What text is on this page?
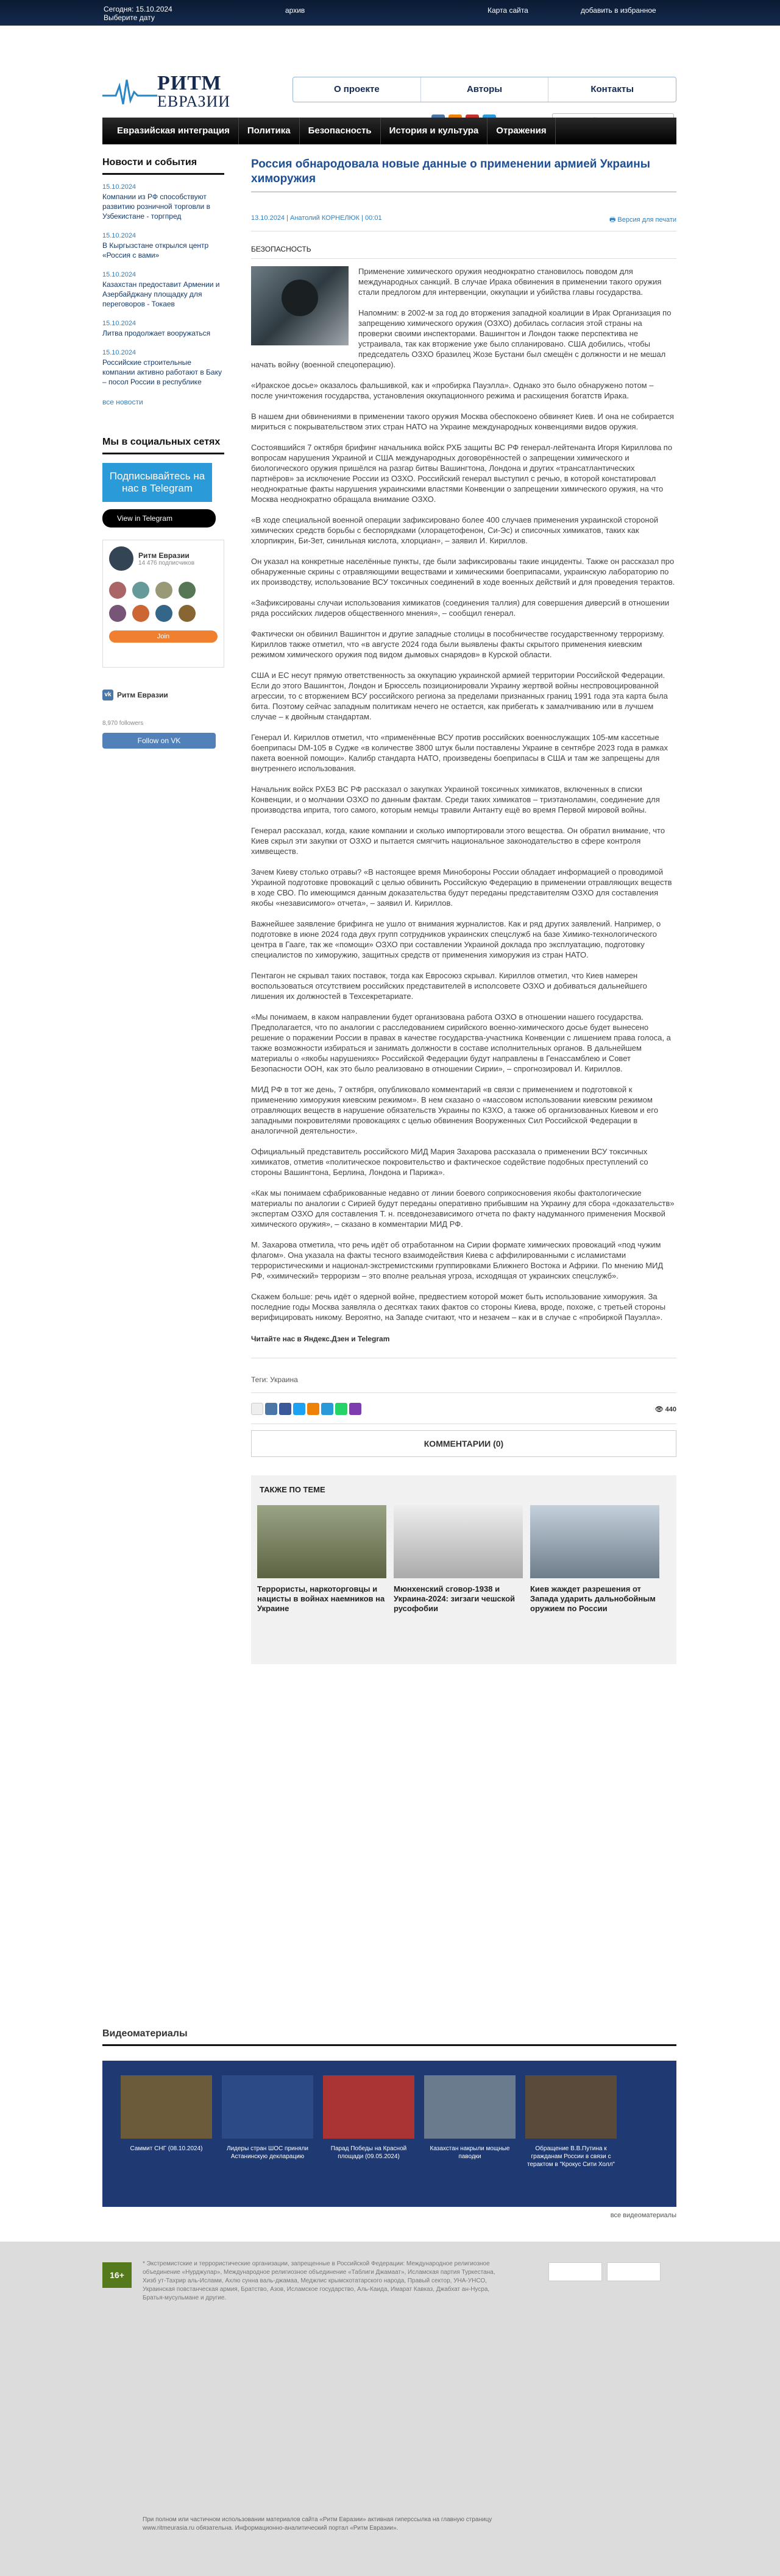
Сегодня: 15.10.2024
Выберите дату
архив	Карта сайта	добавить в избранное
РИТМ
ЕВРАЗИИ
О проекте	Авторы	Контакты
поиск по сайту
Евразийская интеграция	Политика	Безопасность	История и культура	Отражения
Новости и события
15.10.2024
Компании из РФ способствуют развитию розничной торговли в Узбекистане - торгпред
15.10.2024
В Кыргызстане открылся центр «Россия с вами»
15.10.2024
Казахстан предоставит Армении и Азербайджану площадку для переговоров - Токаев
15.10.2024
Литва продолжает вооружаться
15.10.2024
Российские строительные компании активно работают в Баку – посол России в республике
все новости
Мы в социальных сетях
Подписывайтесь на нас в Telegram
View in Telegram
Ритм Евразии
14 476 подписчиков
Join
vk Ритм Евразии
8,970 followers
Follow on VK
Россия обнародовала новые данные о применении армией Украины химоружия
13.10.2024 | Анатолий КОРНЕЛЮК | 00:01	🖶 Версия для печати
БЕЗОПАСНОСТЬ

Применение химического оружия неоднократно становилось поводом для международных санкций. В случае Ирака обвинения в применении такого оружия стали предлогом для интервенции, оккупации и убийства главы государства.

Напомним: в 2002-м за год до вторжения западной коалиции в Ирак Организация по запрещению химического оружия (ОЗХО) добилась согласия этой страны на проверки своими инспекторами. Вашингтон и Лондон также перспектива не устраивала, так как вторжение уже было спланировано. США добились, чтобы председатель ОЗХО бразилец Жозе Бустани был смещён с должности и не мешал начать войну (военной спецоперацию).

«Иракское досье» оказалось фальшивкой, как и «пробирка Пауэлла». Однако это было обнаружено потом – после уничтожения государства, установления оккупационного режима и расхищения богатств Ирака.

В нашем дни обвинениями в применении такого оружия Москва обеспокоено обвиняет Киев. И она не собирается мириться с покрывательством этих стран НАТО на Украине международных конвенциями видов оружия.

Состоявшийся 7 октября брифинг начальника войск РХБ защиты ВС РФ генерал-лейтенанта Игоря Кириллова по вопросам нарушения Украиной и США международных договорённостей о запрещении химического и биологического оружия пришёлся на разгар битвы Вашингтона, Лондона и других «трансатлантических партнёров» за исключение России из ОЗХО. Российский генерал выступил с речью, в которой констатировал неоднократные факты нарушения украинскими властями Конвенции о запрещении химического оружия, на что Москва неоднократно обращала внимание ОЗХО.

«В ходе специальной военной операции зафиксировано более 400 случаев применения украинской стороной химических средств борьбы с беспорядками (хлорацетофенон, Си-Эс) и списочных химикатов, таких как хлорпикрин, Би-Зет, синильная кислота, хлорциан», – заявил И. Кириллов.

Он указал на конкретные населённые пункты, где были зафиксированы такие инциденты. Также он рассказал про обнаруженные скрины с отравляющими веществами и химическими боеприпасами, украинскую лабораторию по их производству, использование ВСУ токсичных соединений в ходе военных действий и для проведения терактов.

«Зафиксированы случаи использования химикатов (соединения таллия) для совершения диверсий в отношении ряда российских лидеров общественного мнения», – сообщил генерал.

Фактически он обвинил Вашингтон и другие западные столицы в пособничестве государственному терроризму. Кириллов также отметил, что «в августе 2024 года были выявлены факты скрытого применения киевским режимом химического оружия под видом дымовых снарядов» в Курской области.

США и ЕС несут прямую ответственность за оккупацию украинской армией территории Российской Федерации. Если до этого Вашингтон, Лондон и Брюссель позиционировали Украину жертвой войны неспровоцированной агрессии, то с вторжением ВСУ российского региона за пределами признанных границ 1991 года эта карта была бита. Поэтому сейчас западным политикам нечего не остается, как прибегать к замалчиванию или в лучшем случае – к двойным стандартам.

Генерал И. Кириллов отметил, что «применённые ВСУ против российских военнослужащих 105-мм кассетные боеприпасы DM-105 в Судже «в количестве 3800 штук были поставлены Украине в сентябре 2023 года в рамках пакета военной помощи». Калибр стандарта НАТО, произведены боеприпасы в США и там же запрещены для внутреннего использования.

Начальник войск РХБЗ ВС РФ рассказал о закупках Украиной токсичных химикатов, включенных в списки Конвенции, и о молчании ОЗХО по данным фактам. Среди таких химикатов – триэтаноламин, соединение для производства иприта, того самого, которым немцы травили Антанту ещё во время Первой мировой войны.

Генерал рассказал, когда, какие компании и сколько импортировали этого вещества. Он обратил внимание, что Киев скрыл эти закупки от ОЗХО и пытается смягчить национальное законодательство в сфере контроля химвеществ.

Зачем Киеву столько отравы? «В настоящее время Минобороны России обладает информацией о проводимой Украиной подготовке провокаций с целью обвинить Российскую Федерацию в применении отравляющих веществ в ходе СВО. По имеющимся данным доказательства будут переданы представителям ОЗХО для составления якобы «независимого» отчета», – заявил И. Кириллов.

Важнейшее заявление брифинга не ушло от внимания журналистов. Как и ряд других заявлений. Например, о подготовке в июне 2024 года двух групп сотрудников украинских спецслужб на базе Химико-технологического центра в Гааге, так же «помощи» ОЗХО при составлении Украиной доклада про эксплуатацию, подготовку специалистов по химоружию, защитных средств от применения химоружия из стран НАТО.

Пентагон не скрывал таких поставок, тогда как Евросоюз скрывал. Кириллов отметил, что Киев намерен воспользоваться отсутствием российских представителей в исполсовете ОЗХО и добиваться дальнейшего лишения их должностей в Техсекретариате.

«Мы понимаем, в каком направлении будет организована работа ОЗХО в отношении нашего государства. Предполагается, что по аналогии с расследованием сирийского военно-химического досье будет вынесено решение о поражении России в правах в качестве государства-участника Конвенции с лишением права голоса, а также возможности избираться и занимать должности в составе исполнительных органов. В дальнейшем материалы о «якобы нарушениях» Российской Федерации будут направлены в Генассамблею и Совет Безопасности ООН, как это было реализовано в отношении Сирии», – спрогнозировал И. Кириллов.

МИД РФ в тот же день, 7 октября, опубликовало комментарий «в связи с применением и подготовкой к применению химоружия киевским режимом». В нем сказано о «массовом использовании киевским режимом отравляющих веществ в нарушение обязательств Украины по КЗХО, а также об организованных Киевом и его западными покровителями провокациях с целью обвинения Вооруженных Сил Российской Федерации в аналогичной деятельности».

Официальный представитель российского МИД Мария Захарова рассказала о применении ВСУ токсичных химикатов, отметив «политическое покровительство и фактическое содействие подобных преступлений со стороны Вашингтона, Берлина, Лондона и Парижа».

«Как мы понимаем сфабрикованные недавно от линии боевого соприкосновения якобы фактологические материалы по аналогии с Сирией будут переданы оперативно прибывшим на Украину для сбора «доказательств» экспертам ОЗХО для составления Т. н. псевдонезависимого отчета по факту надуманного применения Москвой химического оружия», – сказано в комментарии МИД РФ.

М. Захарова отметила, что речь идёт об отработанном на Сирии формате химических провокаций «под чужим флагом». Она указала на факты тесного взаимодействия Киева с аффилированными с исламистами террористическими и национал-экстремистскими группировками Ближнего Востока и Африки. По мнению МИД РФ, «химический» терроризм – это вполне реальная угроза, исходящая от украинских спецслужб».

Скажем больше: речь идёт о ядерной войне, предвестием которой может быть использование химоружия. За последние годы Москва заявляла о десятках таких фактов со стороны Киева, вроде, похоже, с третьей стороны верифицировать никому. Вероятно, на Западе считают, что и незачем – как и в случае с «пробиркой Пауэлла».

Читайте нас в Яндекс.Дзен и Telegram
Теги: Украина
👁 440
КОММЕНТАРИИ (0)
ТАКЖЕ ПО ТЕМЕ
Террористы, наркоторговцы и нацисты в войнах наемников на Украине
Мюнхенский сговор-1938 и Украина-2024: зигзаги чешской русофобии
Киев жаждет разрешения от Запада ударить дальнобойным оружием по России
Видеоматериалы
Саммит СНГ (08.10.2024)	Лидеры стран ШОС приняли Астанинскую декларацию
Парад Победы на Красной площади (09.05.2024)
Казахстан накрыли мощные паводки
Обращение В.В.Путина к гражданам России в связи с терактом в "Крокус Сити Холл"
все видеоматериалы
16+
* Экстремистские и террористические организации, запрещенные в Российской Федерации: Международное религиозное объединение «Нурджулар», Международное религиозное объединение «Таблиги Джамаат», Исламская партия Туркестана, Хизб ут-Тахрир аль-Ислами, Ахлю сунна валь-джамаа, Меджлис крымскотатарского народа, Правый сектор, УНА-УНСО, Украинская повстанческая армия, Братство, Азов, Исламское государство, Аль-Каида, Имарат Кавказ, Джабхат ан-Нусра, Братья-мусульмане и другие.
При полном или частичном использовании материалов сайта «Ритм Евразии» активная гиперссылка на главную страницу www.ritmeurasia.ru обязательна. Информационно-аналитический портал «Ритм Евразии».
